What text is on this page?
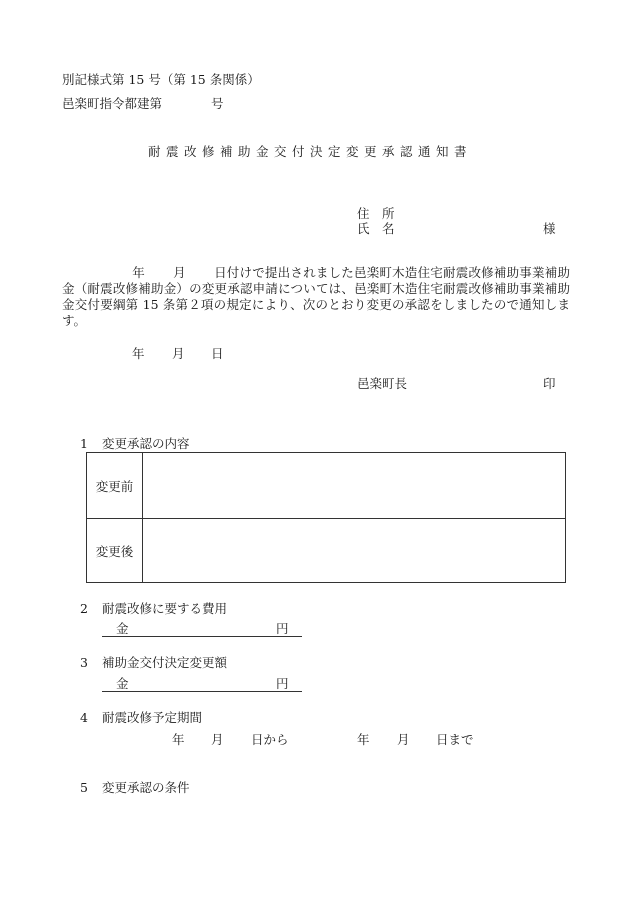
別記様式第 15 号（第 15 条関係）
邑楽町指令都建第	号
耐震改修補助金交付決定変更承認通知書
住　所
氏　名	様
年 月 日付けで提出されました邑楽町木造住宅耐震改修補助事業補助金（耐震改修補助金）の変更承認申請については、邑楽町木造住宅耐震改修補助事業補助金交付要綱第 15 条第２項の規定により、次のとおり変更の承認をしましたので通知します。
年 月 日
邑楽町長	印
1 変更承認の内容
変更前
変更後
2 耐震改修に要する費用
金	円
3 補助金交付決定変更額
金	円
4 耐震改修予定期間
年 月 日から	年 月 日まで
5 変更承認の条件
